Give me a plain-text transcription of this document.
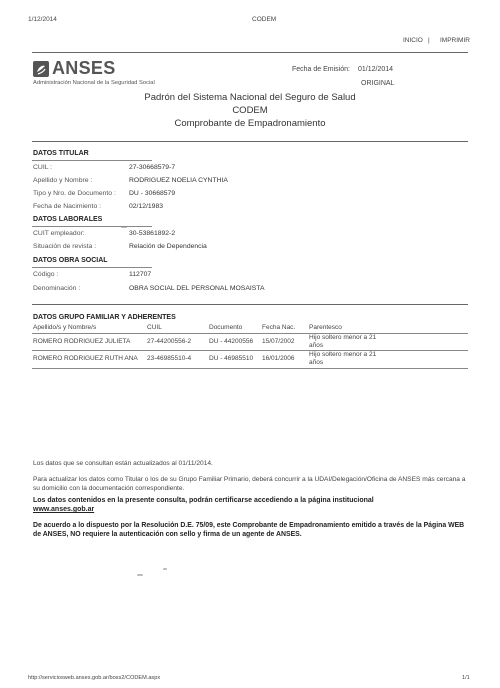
1/12/2014	CODEM
INICIO | IMPRIMIR
ANSES
Administración Nacional de la Seguridad Social
Fecha de Emisión: 01/12/2014
ORIGINAL
Padrón del Sistema Nacional del Seguro de Salud
CODEM
Comprobante de Empadronamiento
DATOS TITULAR
CUIL :	27-30668579-7
Apellido y Nombre :	RODRIGUEZ NOELIA CYNTHIA
Tipo y Nro. de Documento : DU - 30668579
Fecha de Nacimiento :	02/12/1983
DATOS LABORALES
CUIT empleador:	30-53861892-2
Situación de revista :	Relación de Dependencia
DATOS OBRA SOCIAL
Código :	112707
Denominación :	OBRA SOCIAL DEL PERSONAL MOSAISTA
DATOS GRUPO FAMILIAR Y ADHERENTES
Apellido/s y Nombre/s	CUIL	Documento	Fecha Nac. Parentesco
ROMERO RODRIGUEZ JULIETA	27-44200556-2	DU - 44200556 15/07/2002
Hijo soltero menor a 21 años
ROMERO RODRIGUEZ RUTH ANA 23-46985510-4	DU - 46985510 16/01/2006
Hijo soltero menor a 21 años
Los datos que se consultan están actualizados al 01/11/2014.
Para actualizar los datos como Titular o los de su Grupo Familiar Primario, deberá concurrir a la UDAI/Delegación/Oficina de ANSES más cercana a su domicilio con la documentación correspondiente.
Los datos contenidos en la presente consulta, podrán certificarse accediendo a la página institucional
www.anses.gob.ar
De acuerdo a lo dispuesto por la Resolución D.E. 75/09, este Comprobante de Empadronamiento emitido a través de la Página WEB de ANSES, NO requiere la autenticación con sello y firma de un agente de ANSES.
http://serviciosweb.anses.gob.ar/boss2/CODEM.aspx	1/1
